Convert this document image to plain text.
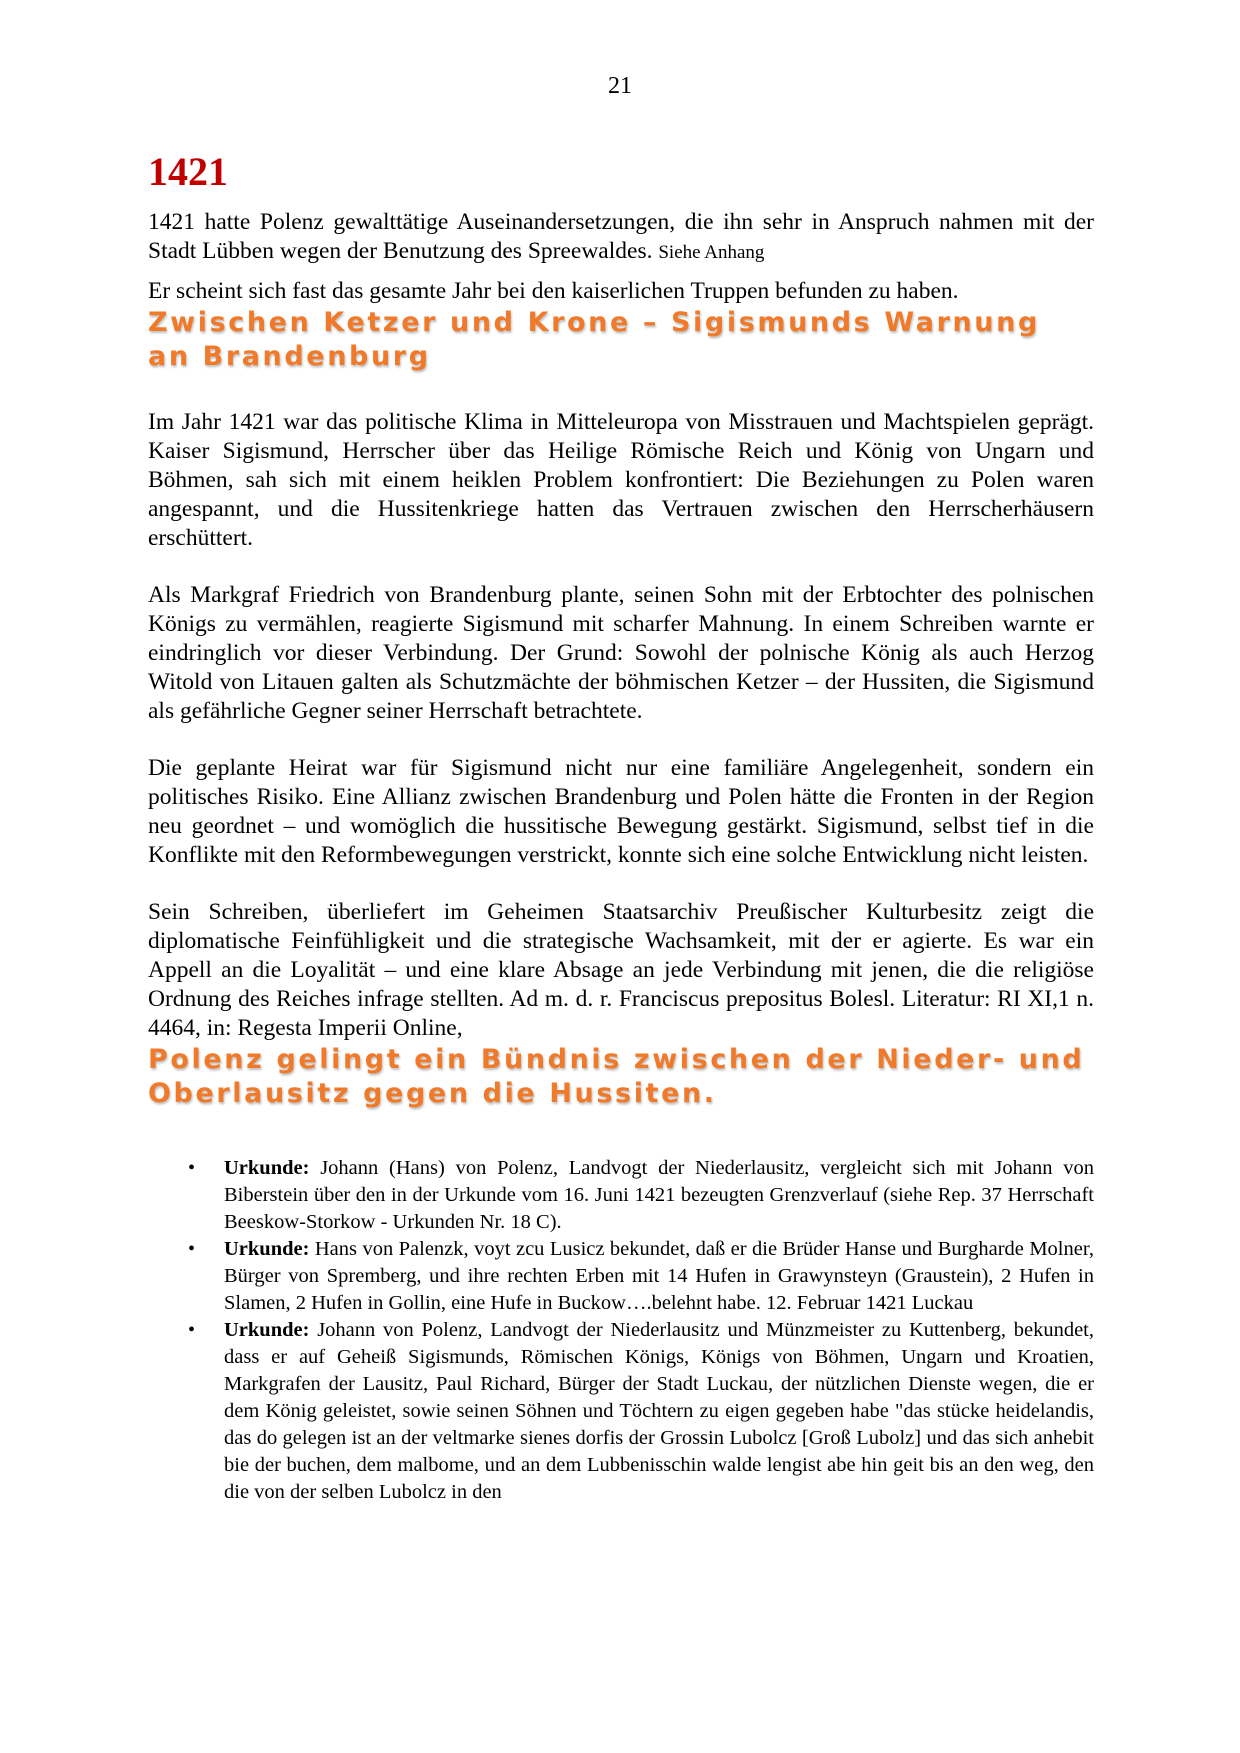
21
1421

1421 hatte Polenz gewalttätige Auseinandersetzungen, die ihn sehr in Anspruch nahmen mit der Stadt Lübben wegen der Benutzung des Spreewaldes. Siehe Anhang

Er scheint sich fast das gesamte Jahr bei den kaiserlichen Truppen befunden zu haben.

Zwischen Ketzer und Krone – Sigismunds Warnung an Brandenburg

Im Jahr 1421 war das politische Klima in Mitteleuropa von Misstrauen und Machtspielen geprägt. Kaiser Sigismund, Herrscher über das Heilige Römische Reich und König von Ungarn und Böhmen, sah sich mit einem heiklen Problem konfrontiert: Die Beziehungen zu Polen waren angespannt, und die Hussitenkriege hatten das Vertrauen zwischen den Herrscherhäusern erschüttert.

Als Markgraf Friedrich von Brandenburg plante, seinen Sohn mit der Erbtochter des polnischen Königs zu vermählen, reagierte Sigismund mit scharfer Mahnung. In einem Schreiben warnte er eindringlich vor dieser Verbindung. Der Grund: Sowohl der polnische König als auch Herzog Witold von Litauen galten als Schutzmächte der böhmischen Ketzer – der Hussiten, die Sigismund als gefährliche Gegner seiner Herrschaft betrachtete.

Die geplante Heirat war für Sigismund nicht nur eine familiäre Angelegenheit, sondern ein politisches Risiko. Eine Allianz zwischen Brandenburg und Polen hätte die Fronten in der Region neu geordnet – und womöglich die hussitische Bewegung gestärkt. Sigismund, selbst tief in die Konflikte mit den Reformbewegungen verstrickt, konnte sich eine solche Entwicklung nicht leisten.

Sein Schreiben, überliefert im Geheimen Staatsarchiv Preußischer Kulturbesitz zeigt die diplomatische Feinfühligkeit und die strategische Wachsamkeit, mit der er agierte. Es war ein Appell an die Loyalität – und eine klare Absage an jede Verbindung mit jenen, die die religiöse Ordnung des Reiches infrage stellten. Ad m. d. r. Franciscus prepositus Bolesl. Literatur: RI XI,1 n. 4464, in: Regesta Imperii Online,

Polenz gelingt ein Bündnis zwischen der Nieder- und Oberlausitz gegen die Hussiten.
• Urkunde: Johann (Hans) von Polenz, Landvogt der Niederlausitz, vergleicht sich mit Johann von Biberstein über den in der Urkunde vom 16. Juni 1421 bezeugten Grenzverlauf (siehe Rep. 37 Herrschaft Beeskow-Storkow - Urkunden Nr. 18 C).
• Urkunde: Hans von Palenzk, voyt zcu Lusicz bekundet, daß er die Brüder Hanse und Burgharde Molner, Bürger von Spremberg, und ihre rechten Erben mit 14 Hufen in Grawynsteyn (Graustein), 2 Hufen in Slamen, 2 Hufen in Gollin, eine Hufe in Buckow….belehnt habe. 12. Februar 1421 Luckau
• Urkunde: Johann von Polenz, Landvogt der Niederlausitz und Münzmeister zu Kuttenberg, bekundet, dass er auf Geheiß Sigismunds, Römischen Königs, Königs von Böhmen, Ungarn und Kroatien, Markgrafen der Lausitz, Paul Richard, Bürger der Stadt Luckau, der nützlichen Dienste wegen, die er dem König geleistet, sowie seinen Söhnen und Töchtern zu eigen gegeben habe "das stücke heidelandis, das do gelegen ist an der veltmarke sienes dorfis der Grossin Lubolcz [Groß Lubolz] und das sich anhebit bie der buchen, dem malbome, und an dem Lubbenisschin walde lengist abe hin geit bis an den weg, den die von der selben Lubolcz in den
